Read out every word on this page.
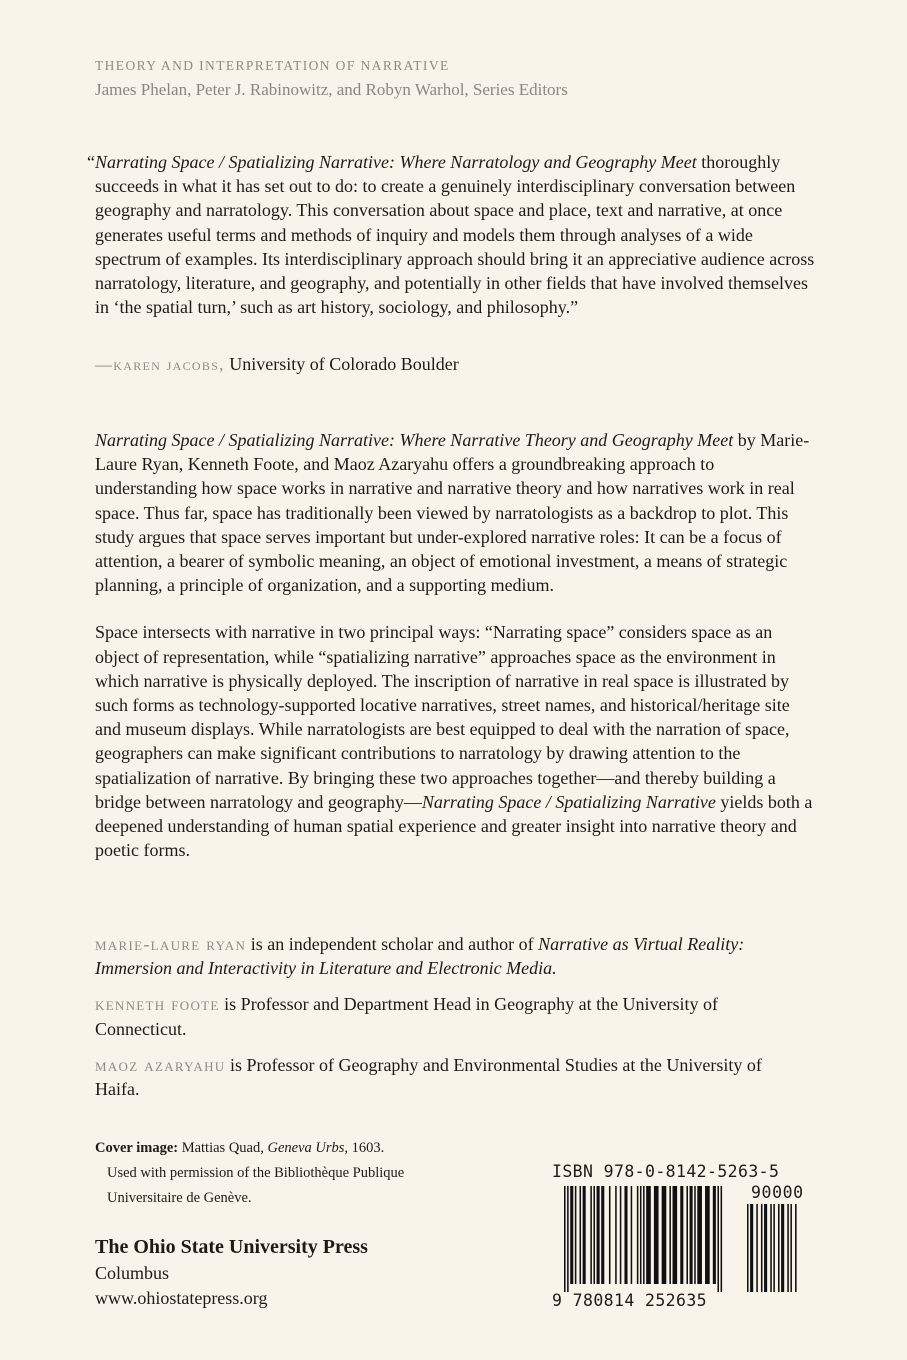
THEORY AND INTERPRETATION OF NARRATIVE
James Phelan, Peter J. Rabinowitz, and Robyn Warhol, Series Editors

“ Narrating Space / Spatializing Narrative: Where Narratology and Geography Meet thoroughly succeeds in what it has set out to do: to create a genuinely interdisciplinary conversation between geography and narratology. This conversation about space and place, text and narrative, at once generates useful terms and methods of inquiry and models them through analyses of a wide spectrum of examples. Its interdisciplinary approach should bring it an appreciative audience across narratology, literature, and geography, and potentially in other fields that have involved themselves in ‘the spatial turn,’ such as art history, sociology, and philosophy.”

—karen jacobs, University of Colorado Boulder

Narrating Space / Spatializing Narrative: Where Narrative Theory and Geography Meet by Marie-Laure Ryan, Kenneth Foote, and Maoz Azaryahu offers a groundbreaking approach to understanding how space works in narrative and narrative theory and how narratives work in real space. Thus far, space has traditionally been viewed by narratologists as a backdrop to plot. This study argues that space serves important but under-explored narrative roles: It can be a focus of attention, a bearer of symbolic meaning, an object of emotional investment, a means of strategic planning, a principle of organization, and a supporting medium.

Space intersects with narrative in two principal ways: “Narrating space” considers space as an object of representation, while “spatializing narrative” approaches space as the environment in which narrative is physically deployed. The inscription of narrative in real space is illustrated by such forms as technology-supported locative narratives, street names, and historical/heritage site and museum displays. While narratologists are best equipped to deal with the narration of space, geographers can make significant contributions to narratology by drawing attention to the spatialization of narrative. By bringing these two approaches together—and thereby building a bridge between narratology and geography—Narrating Space / Spatializing Narrative yields both a deepened understanding of human spatial experience and greater insight into narrative theory and poetic forms.

marie-laure ryan is an independent scholar and author of Narrative as Virtual Reality: Immersion and Interactivity in Literature and Electronic Media.

kenneth foote is Professor and Department Head in Geography at the University of Connecticut.

maoz azaryahu is Professor of Geography and Environmental Studies at the University of Haifa.

Cover image: Mattias Quad, Geneva Urbs, 1603.
Used with permission of the Bibliothèque Publique
Universitaire de Genève.
The Ohio State University Press
Columbus
www.ohiostatepress.org
ISBN 978-0-8142-5263-5
90000
9 780814 252635
